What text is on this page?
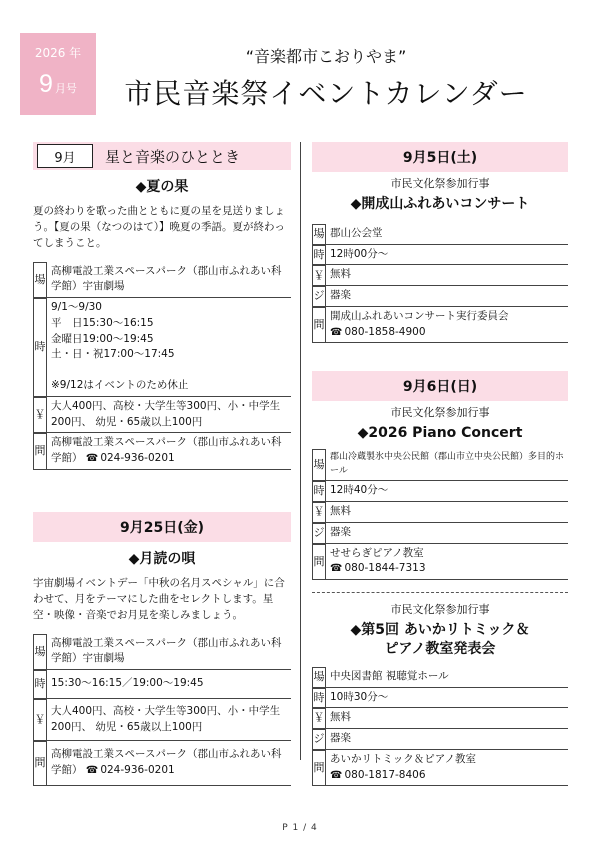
2026 年
9 月号
“音楽都市こおりやま”
市民音楽祭イベントカレンダー
9月	星と音楽のひととき
◆夏の果
夏の終わりを歌った曲とともに夏の星を見送りましょう。【夏の果（なつのはて）】晩夏の季語。夏が終わってしまうこと。
場
高柳電設工業スペースパーク（郡山市ふれあい科学館）宇宙劇場
時
9/1～9/30
平　日15:30～16:15
金曜日19:00～19:45
土・日・祝17:00～17:45
※9/12はイベントのため休止
￥
大人400円、高校・大学生等300円、小・中学生200円、 幼児・65歳以上100円
問
高柳電設工業スペースパーク（郡山市ふれあい科学館） ☎ 024-936-0201
9月25日(金)
◆月読の唄
宇宙劇場イベントデー「中秋の名月スペシャル」に合わせて、月をテーマにした曲をセレクトします。星空・映像・音楽でお月見を楽しみましょう。
場
高柳電設工業スペースパーク（郡山市ふれあい科学館）宇宙劇場
時 15:30～16:15／19:00～19:45
￥
大人400円、高校・大学生等300円、小・中学生200円、 幼児・65歳以上100円
問
高柳電設工業スペースパーク（郡山市ふれあい科学館） ☎ 024-936-0201
9月5日(土)
市民文化祭参加行事
◆開成山ふれあいコンサート
場 郡山公会堂
時 12時00分～
￥ 無料
ジ 器楽
問
開成山ふれあいコンサート実行委員会
☎ 080-1858-4900
9月6日(日)
市民文化祭参加行事
◆2026 Piano Concert
場
郡山冷蔵製氷中央公民館（郡山市立中央公民館）多目的ホール
時 12時40分～
￥ 無料
ジ 器楽
問
せせらぎピアノ教室
☎ 080-1844-7313
市民文化祭参加行事
◆第5回 あいかリトミック＆
ピアノ教室発表会
場 中央図書館 視聴覚ホール
時 10時30分～
￥ 無料
ジ 器楽
問
あいかリトミック＆ピアノ教室
☎ 080-1817-8406
P 1 / 4
